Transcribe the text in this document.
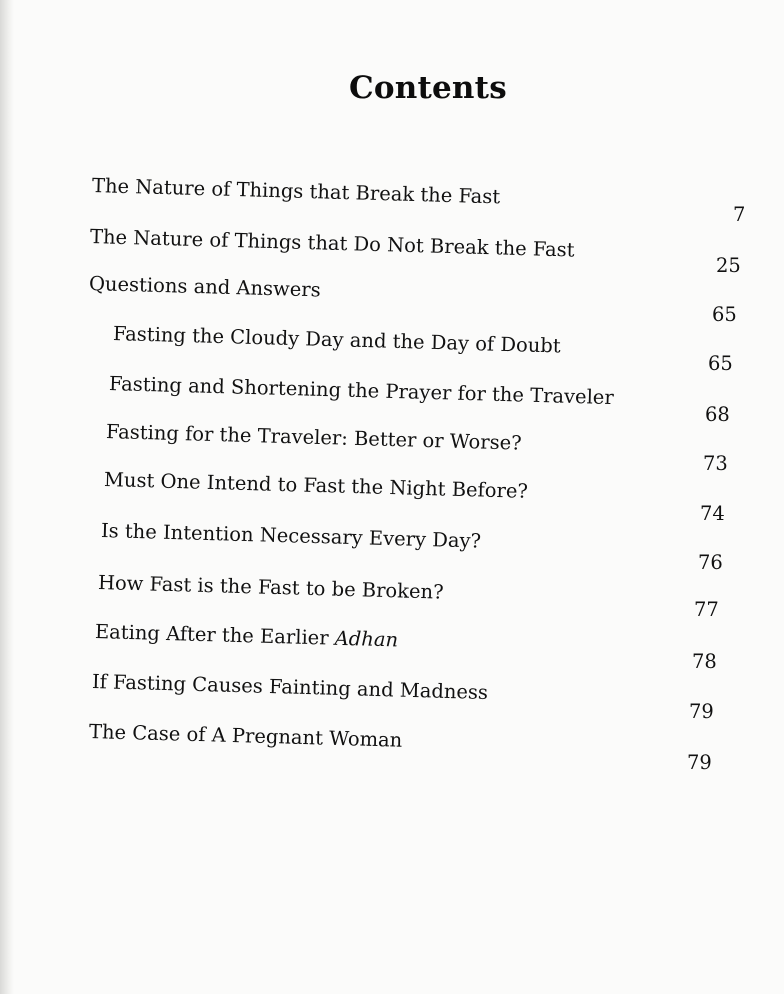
Contents
The Nature of Things that Break the Fast
7
The Nature of Things that Do Not Break the Fast
25
Questions and Answers
65
Fasting the Cloudy Day and the Day of Doubt
65
Fasting and Shortening the Prayer for the Traveler
68
Fasting for the Traveler: Better or Worse?
73
Must One Intend to Fast the Night Before?
74
Is the Intention Necessary Every Day?
76
How Fast is the Fast to be Broken?
77
Eating After the Earlier Adhan
78
If Fasting Causes Fainting and Madness
79
The Case of A Pregnant Woman
79
